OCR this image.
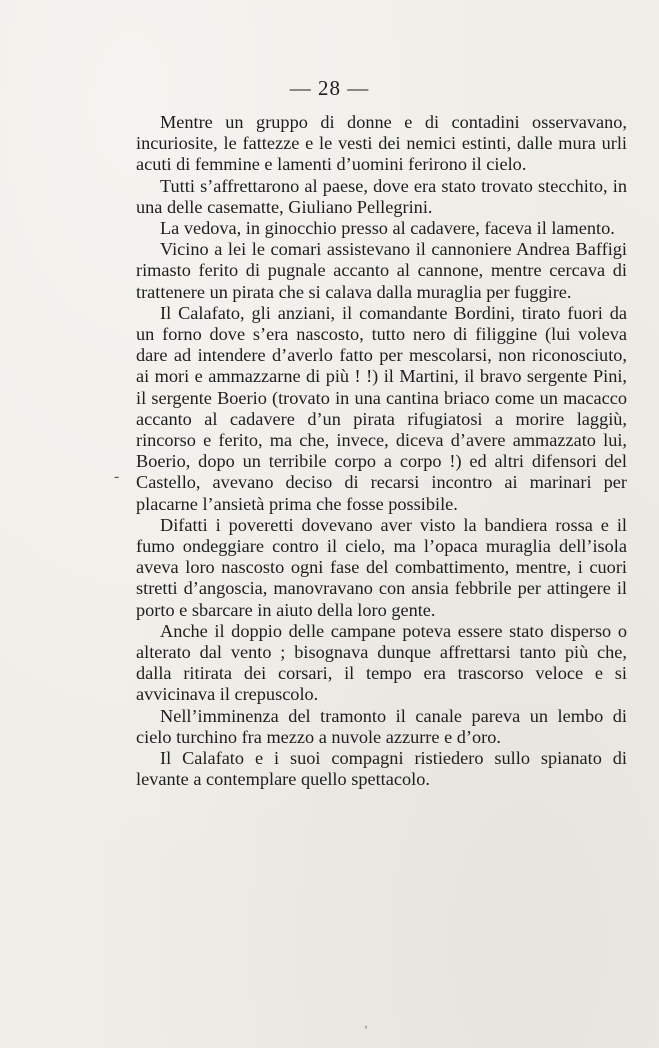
— 28 —
-

Mentre un gruppo di donne e di contadini osservavano, incuriosite, le fattezze e le vesti dei nemici estinti, dalle mura urli acuti di femmine e lamenti d’uomini ferirono il cielo.

Tutti s’affrettarono al paese, dove era stato trovato stecchito, in una delle casematte, Giuliano Pellegrini.

La vedova, in ginocchio presso al cadavere, faceva il lamento.

Vicino a lei le comari assistevano il cannoniere Andrea Baffigi rimasto ferito di pugnale accanto al cannone, mentre cercava di trattenere un pirata che si calava dalla muraglia per fuggire.

Il Calafato, gli anziani, il comandante Bordini, tirato fuori da un forno dove s’era nascosto, tutto nero di filiggine (lui voleva dare ad intendere d’averlo fatto per mescolarsi, non riconosciuto, ai mori e ammazzarne di più ! !) il Martini, il bravo sergente Pini, il sergente Boerio (trovato in una cantina briaco come un macacco accanto al cadavere d’un pirata rifugiatosi a morire laggiù, rincorso e ferito, ma che, invece, diceva d’avere ammazzato lui, Boerio, dopo un terribile corpo a corpo !) ed altri difensori del Castello, avevano deciso di recarsi incontro ai marinari per placarne l’ansietà prima che fosse possibile.

Difatti i poveretti dovevano aver visto la bandiera rossa e il fumo ondeggiare contro il cielo, ma l’opaca muraglia dell’isola aveva loro nascosto ogni fase del combattimento, mentre, i cuori stretti d’angoscia, manovravano con ansia febbrile per attingere il porto e sbarcare in aiuto della loro gente.

Anche il doppio delle campane poteva essere stato disperso o alterato dal vento ; bisognava dunque affrettarsi tanto più che, dalla ritirata dei corsari, il tempo era trascorso veloce e si avvicinava il crepuscolo.

Nell’imminenza del tramonto il canale pareva un lembo di cielo turchino fra mezzo a nuvole azzurre e d’oro.

Il Calafato e i suoi compagni ristiedero sullo spianato di levante a contemplare quello spettacolo.

‚
